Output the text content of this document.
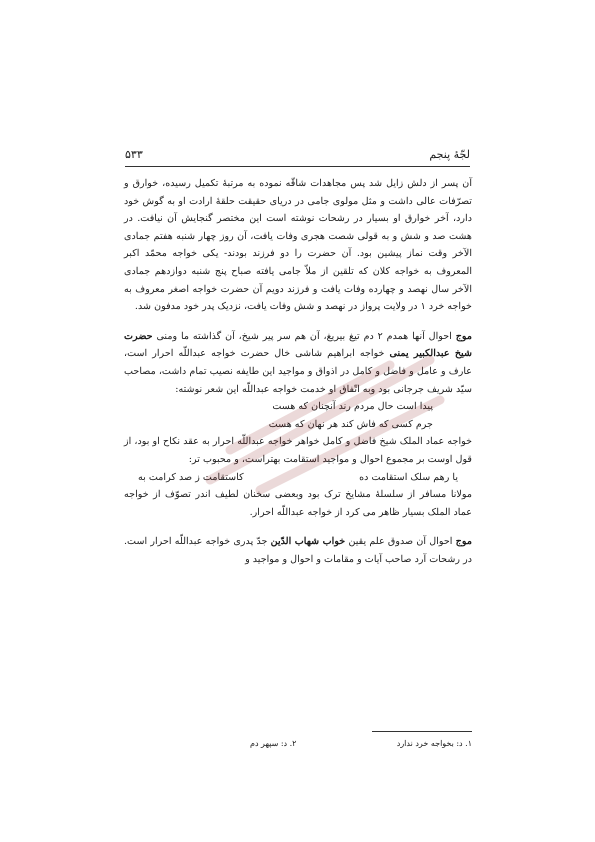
لجّهٔ پنجم
۵۳۳

آن پسر از دلش زایل شد پس مجاهدات شاقّه نموده به مرتبهٔ تکمیل رسیده، خوارق و تصرّفات عالی داشت و مثل مولوی جامی در دریای حقیقت حلقهٔ ارادت او به گوش خود دارد، آخر خوارق او بسیار در رشحات نوشته است این مختصر گنجایش آن نیافت. در هشت صد و شش و به قولی شصت هجری وفات یافت، آن روز چهار شنبه هفتم جمادی الآخر وقت نماز پیشین بود. آن حضرت را دو فرزند بودند- یکی خواجه محمّد اکبر المعروف به خواجه کلان که تلقین از ملاّ جامی یافته صباح پنج شنبه دوازدهم جمادی الآخر سال نهصد و چهارده وفات یافت و فرزند دویم آن حضرت خواجه اصغر معروف به خواجه خرد ۱ در ولایت پرواز در نهصد و شش وفات یافت، نزدیک پدر خود مدفون شد.

موج احوال آنها همدم ۲ دم تیغ بیریغ، آن هم سر پیر شیخ، آن گذاشته ما ومنی حضرت شیخ عبدالکبیر یمنی خواجه ابراهیم شاشی خال حضرت خواجه عبداللّه احرار است، عارف و عامل و فاضل و کامل در اذواق و مواجید این طایفه نصیب تمام داشت، مصاحب سیّد شریف جرجانی بود وبه اتّفاق او خدمت خواجه عبداللّه این شعر نوشته:

پیدا است حال مردم رند آنچنان که هست
جرم کسی که فاش کند هر نهان که هست

خواجه عماد الملک شیخ فاضل و کامل خواهر خواجه عبداللّه احرار به عقد نکاح او بود، از قول اوست بر مجموع احوال و مواجید استقامت بهتراست، و محبوب تر:

یا رهم سلک استقامت ده
کاستقامت ز صد کرامت به

مولانا مسافر از سلسلهٔ مشایخ ترک بود وبعضی سخنان لطیف اندر تصوّف از خواجه عماد الملک بسیار ظاهر می کرد از خواجه عبداللّه احرار.

موج احوال آن صدوق علم یقین خواب شهاب الدّین جدّ پدری خواجه عبداللّه احرار است. در رشحات آرد صاحب آیات و مقامات و احوال و مواجید و

۱. د: بخواجه خرد ندارد
۲. د: سپهر دم
